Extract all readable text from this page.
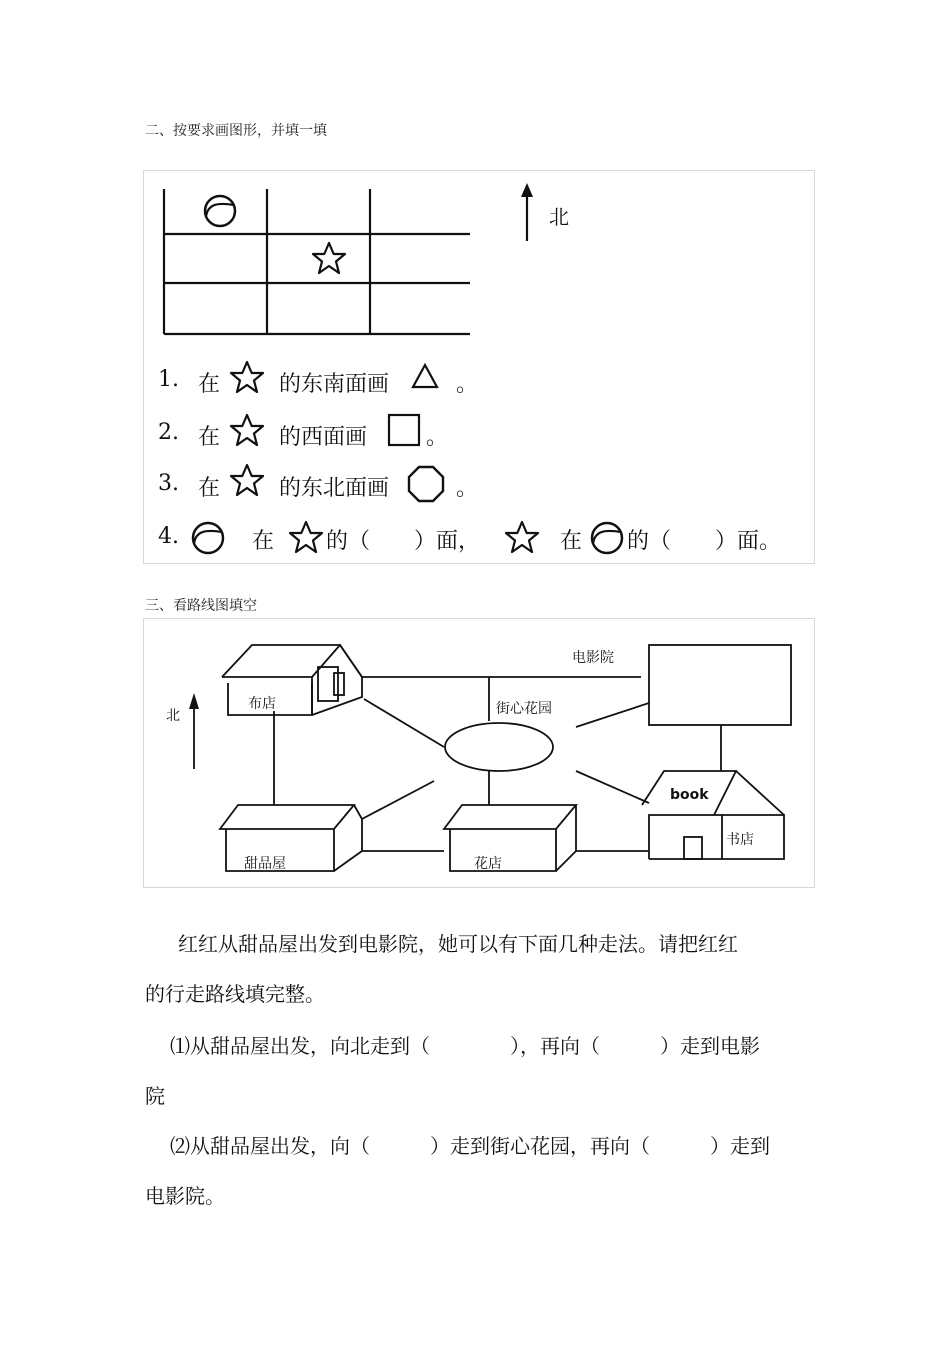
二、按要求画图形，并填一填
北
1. 在	的东南面画	。
2. 在	的西面画	。
3. 在	的东北面画	。
4.	在 的（　　）面，	在 的（　　）面。
三、看路线图填空
北
布店
电影院
街心花园
甜品屋	花店
书店
book
红红从甜品屋出发到电影院，她可以有下面几种走法。请把红红
的行走路线填完整。
⑴从甜品屋出发，向北走到（　　　　），再向（　　　）走到电影
院
⑵从甜品屋出发，向（　　　）走到街心花园，再向（　　　）走到
电影院。
